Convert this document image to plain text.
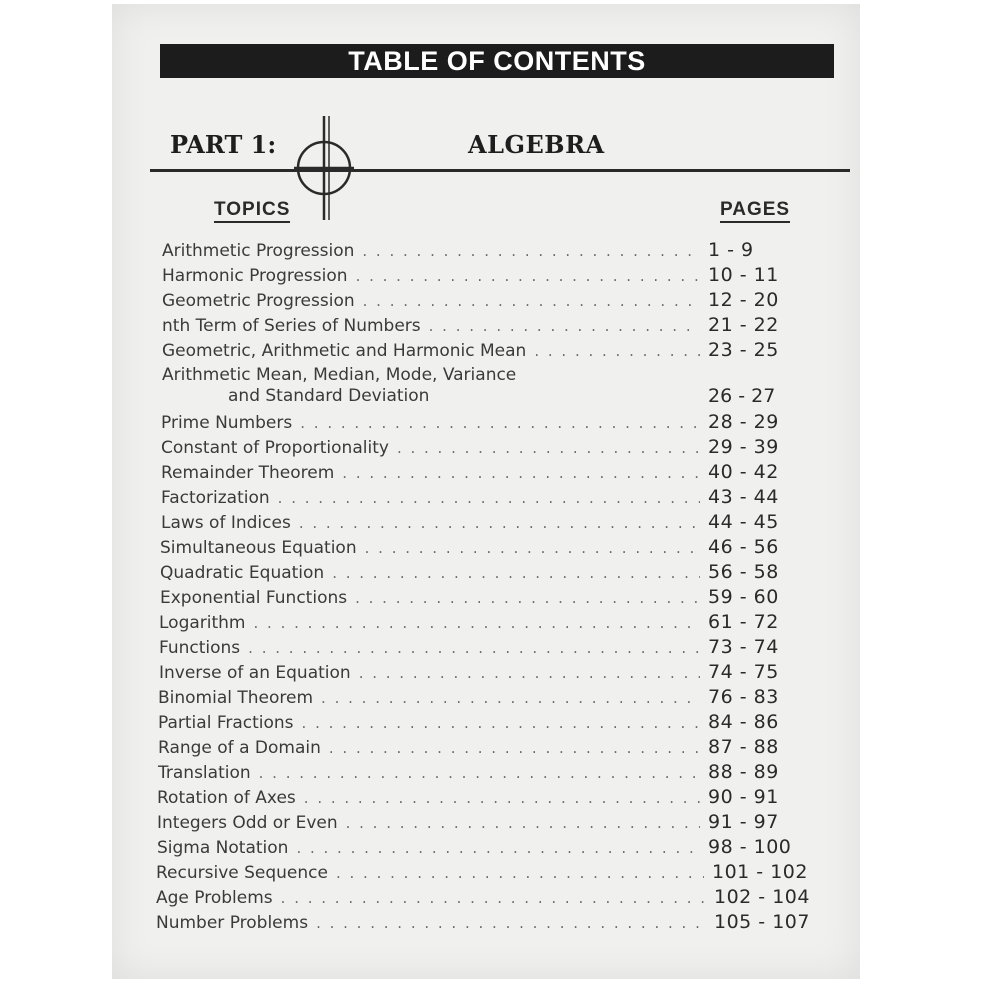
TABLE OF CONTENTS
PART 1:	ALGEBRA
TOPICS	PAGES
Arithmetic Progression . . .	1 - 9
Harmonic Progression . . .	10 - 11
Geometric Progression . . .	12 - 20
nth Term of Series of Numbers . . .	21 - 22
Geometric, Arithmetic and Harmonic Mean . . .	23 - 25
Arithmetic Mean, Median, Mode, Variance
and Standard Deviation	26 - 27
Prime Numbers . . .	28 - 29
Constant of Proportionality . . .	29 - 39
Remainder Theorem . . .	40 - 42
Factorization . . .	43 - 44
Laws of Indices . . .	44 - 45
Simultaneous Equation . . .	46 - 56
Quadratic Equation . . .	56 - 58
Exponential Functions . . .	59 - 60
Logarithm . . .	61 - 72
Functions . . .	73 - 74
Inverse of an Equation . . .	74 - 75
Binomial Theorem . . .	76 - 83
Partial Fractions . . .	84 - 86
Range of a Domain . . .	87 - 88
Translation . . .	88 - 89
Rotation of Axes . . .	90 - 91
Integers Odd or Even . . .	91 - 97
Sigma Notation . . .	98 - 100
Recursive Sequence . . .	101 - 102
Age Problems . . .	102 - 104
Number Problems . . .	105 - 107
